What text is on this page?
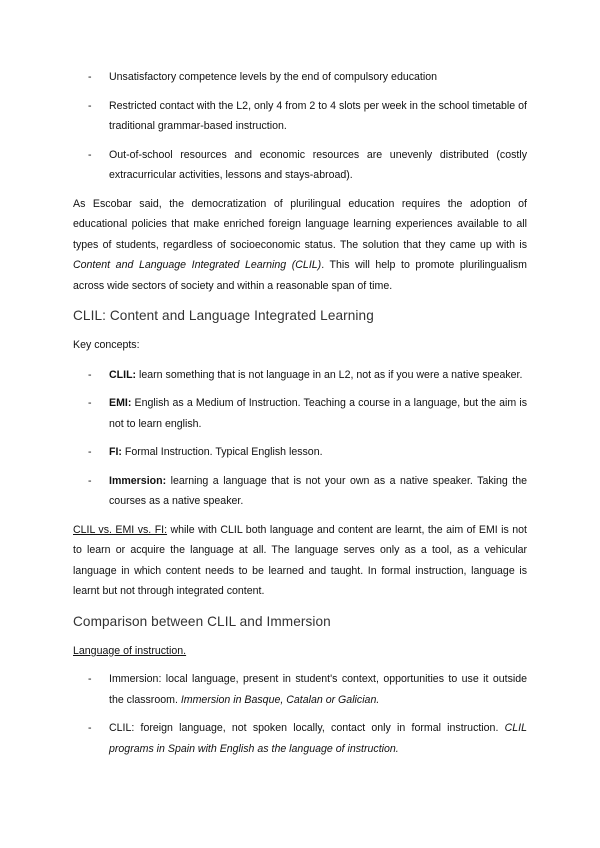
- Unsatisfactory competence levels by the end of compulsory education
- Restricted contact with the L2, only 4 from 2 to 4 slots per week in the school timetable of traditional grammar-based instruction.
- Out-of-school resources and economic resources are unevenly distributed (costly extracurricular activities, lessons and stays-abroad).

As Escobar said, the democratization of plurilingual education requires the adoption of educational policies that make enriched foreign language learning experiences available to all types of students, regardless of socioeconomic status. The solution that they came up with is Content and Language Integrated Learning (CLIL). This will help to promote plurilingualism across wide sectors of society and within a reasonable span of time.

CLIL: Content and Language Integrated Learning

Key concepts:

- CLIL: learn something that is not language in an L2, not as if you were a native speaker.
- EMI: English as a Medium of Instruction. Teaching a course in a language, but the aim is not to learn english.
- FI: Formal Instruction. Typical English lesson.
- Immersion: learning a language that is not your own as a native speaker. Taking the courses as a native speaker.

CLIL vs. EMI vs. FI: while with CLIL both language and content are learnt, the aim of EMI is not to learn or acquire the language at all. The language serves only as a tool, as a vehicular language in which content needs to be learned and taught. In formal instruction, language is learnt but not through integrated content.

Comparison between CLIL and Immersion

Language of instruction.

- Immersion: local language, present in student's context, opportunities to use it outside the classroom. Immersion in Basque, Catalan or Galician.
- CLIL: foreign language, not spoken locally, contact only in formal instruction. CLIL programs in Spain with English as the language of instruction.
